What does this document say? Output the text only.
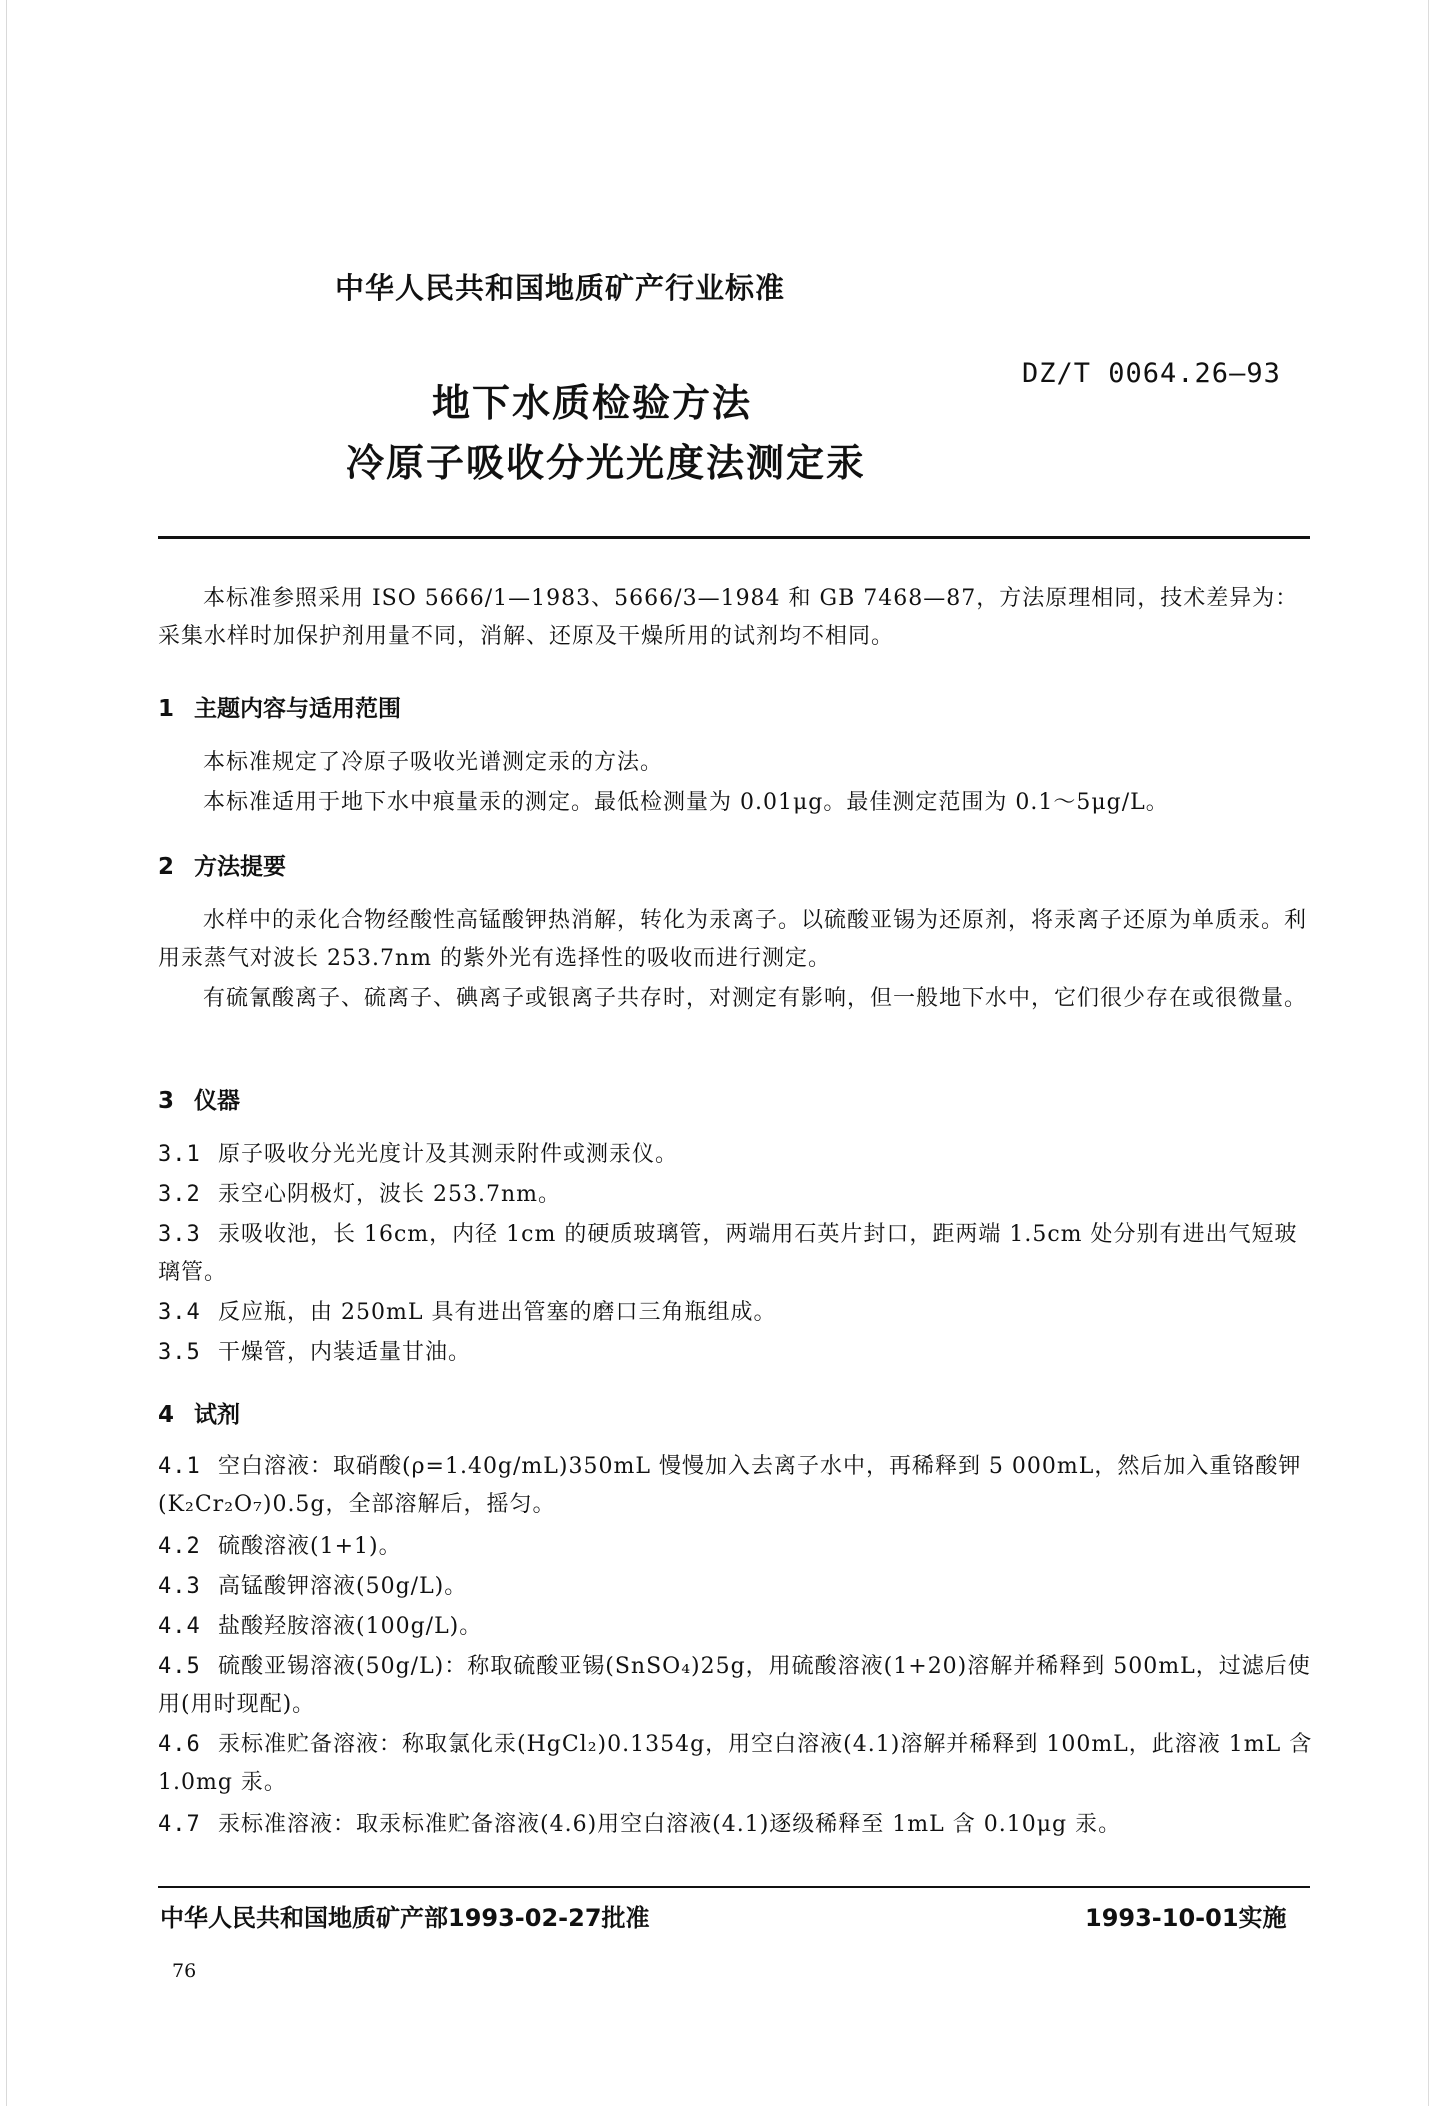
中华人民共和国地质矿产行业标准
地下水质检验方法
冷原子吸收分光光度法测定汞
DZ/T 0064.26—93
本标准参照采用 ISO 5666/1—1983、5666/3—1984 和 GB 7468—87，方法原理相同，技术差异为：采集水样时加保护剂用量不同，消解、还原及干燥所用的试剂均不相同。
1 主题内容与适用范围
本标准规定了冷原子吸收光谱测定汞的方法。
本标准适用于地下水中痕量汞的测定。最低检测量为 0.01μg。最佳测定范围为 0.1～5μg/L。
2 方法提要
水样中的汞化合物经酸性高锰酸钾热消解，转化为汞离子。以硫酸亚锡为还原剂，将汞离子还原为单质汞。利用汞蒸气对波长 253.7nm 的紫外光有选择性的吸收而进行测定。
有硫氰酸离子、硫离子、碘离子或银离子共存时，对测定有影响，但一般地下水中，它们很少存在或很微量。
3 仪器
3.1 原子吸收分光光度计及其测汞附件或测汞仪。
3.2 汞空心阴极灯，波长 253.7nm。
3.3 汞吸收池，长 16cm，内径 1cm 的硬质玻璃管，两端用石英片封口，距两端 1.5cm 处分别有进出气短玻璃管。
3.4 反应瓶，由 250mL 具有进出管塞的磨口三角瓶组成。
3.5 干燥管，内装适量甘油。
4 试剂
4.1 空白溶液：取硝酸(ρ=1.40g/mL)350mL 慢慢加入去离子水中，再稀释到 5 000mL，然后加入重铬酸钾(K₂Cr₂O₇)0.5g，全部溶解后，摇匀。
4.2 硫酸溶液(1+1)。
4.3 高锰酸钾溶液(50g/L)。
4.4 盐酸羟胺溶液(100g/L)。
4.5 硫酸亚锡溶液(50g/L)：称取硫酸亚锡(SnSO₄)25g，用硫酸溶液(1+20)溶解并稀释到 500mL，过滤后使用(用时现配)。
4.6 汞标准贮备溶液：称取氯化汞(HgCl₂)0.1354g，用空白溶液(4.1)溶解并稀释到 100mL，此溶液 1mL 含 1.0mg 汞。
4.7 汞标准溶液：取汞标准贮备溶液(4.6)用空白溶液(4.1)逐级稀释至 1mL 含 0.10μg 汞。
中华人民共和国地质矿产部1993-02-27批准	1993-10-01实施
76
